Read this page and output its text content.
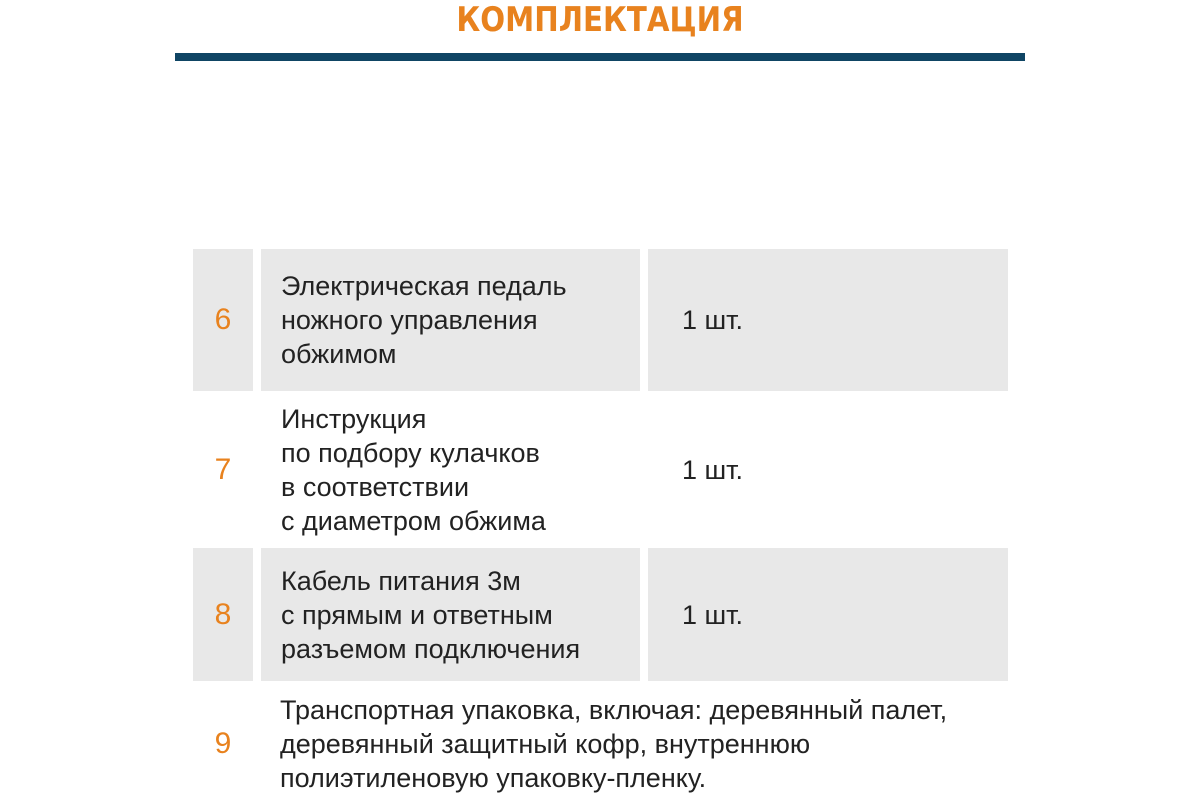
КОМПЛЕКТАЦИЯ
6
Электрическая педаль
ножного управления
обжимом
1 шт.
7
Инструкция
по подбору кулачков
в соответствии
с диаметром обжима
1 шт.
8
Кабель питания 3м
с прямым и ответным
разъемом подключения
1 шт.
9
Транспортная упаковка, включая: деревянный палет,
деревянный защитный кофр, внутреннюю
полиэтиленовую упаковку-пленку.
